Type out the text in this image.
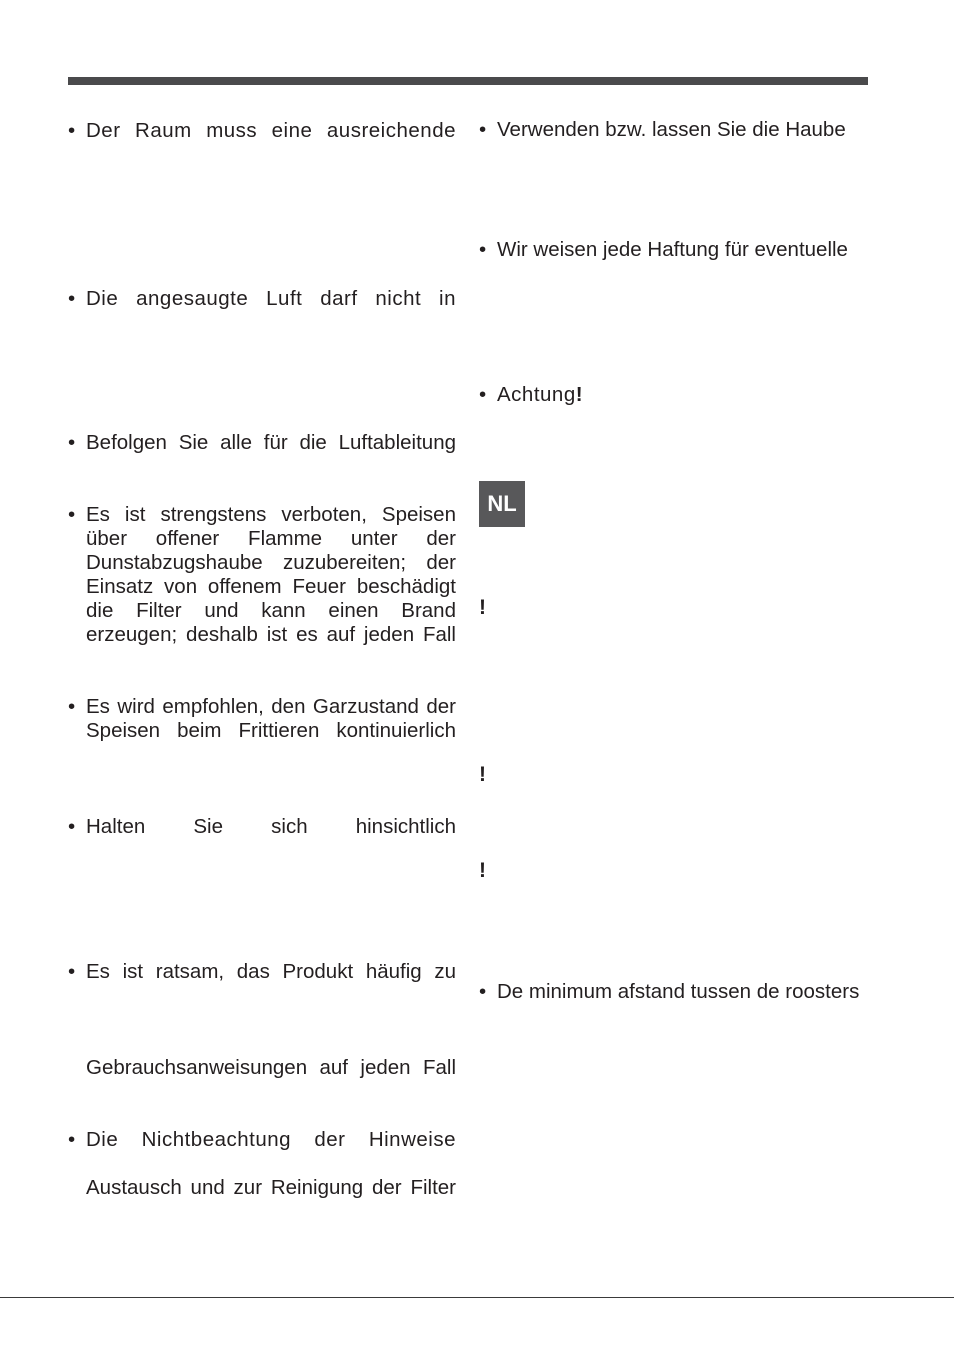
• Der Raum muss eine ausreichende
• Die angesaugte Luft darf nicht in
• Befolgen Sie alle für die Luftableitung
• Es ist strengstens verboten, Speisen
über offener Flamme unter der
Dunstabzugshaube zuzubereiten; der
Einsatz von offenem Feuer beschädigt
die Filter und kann einen Brand
erzeugen; deshalb ist es auf jeden Fall
• Es wird empfohlen, den Garzustand der
Speisen beim Frittieren kontinuierlich
• Halten Sie sich hinsichtlich
• Es ist ratsam, das Produkt häufig zu
Gebrauchsanweisungen auf jeden Fall
• Die Nichtbeachtung der Hinweise
Austausch und zur Reinigung der Filter
• Verwenden bzw. lassen Sie die Haube
• Wir weisen jede Haftung für eventuelle
• Achtung!
NL
!
!
!
• De minimum afstand tussen de roosters
